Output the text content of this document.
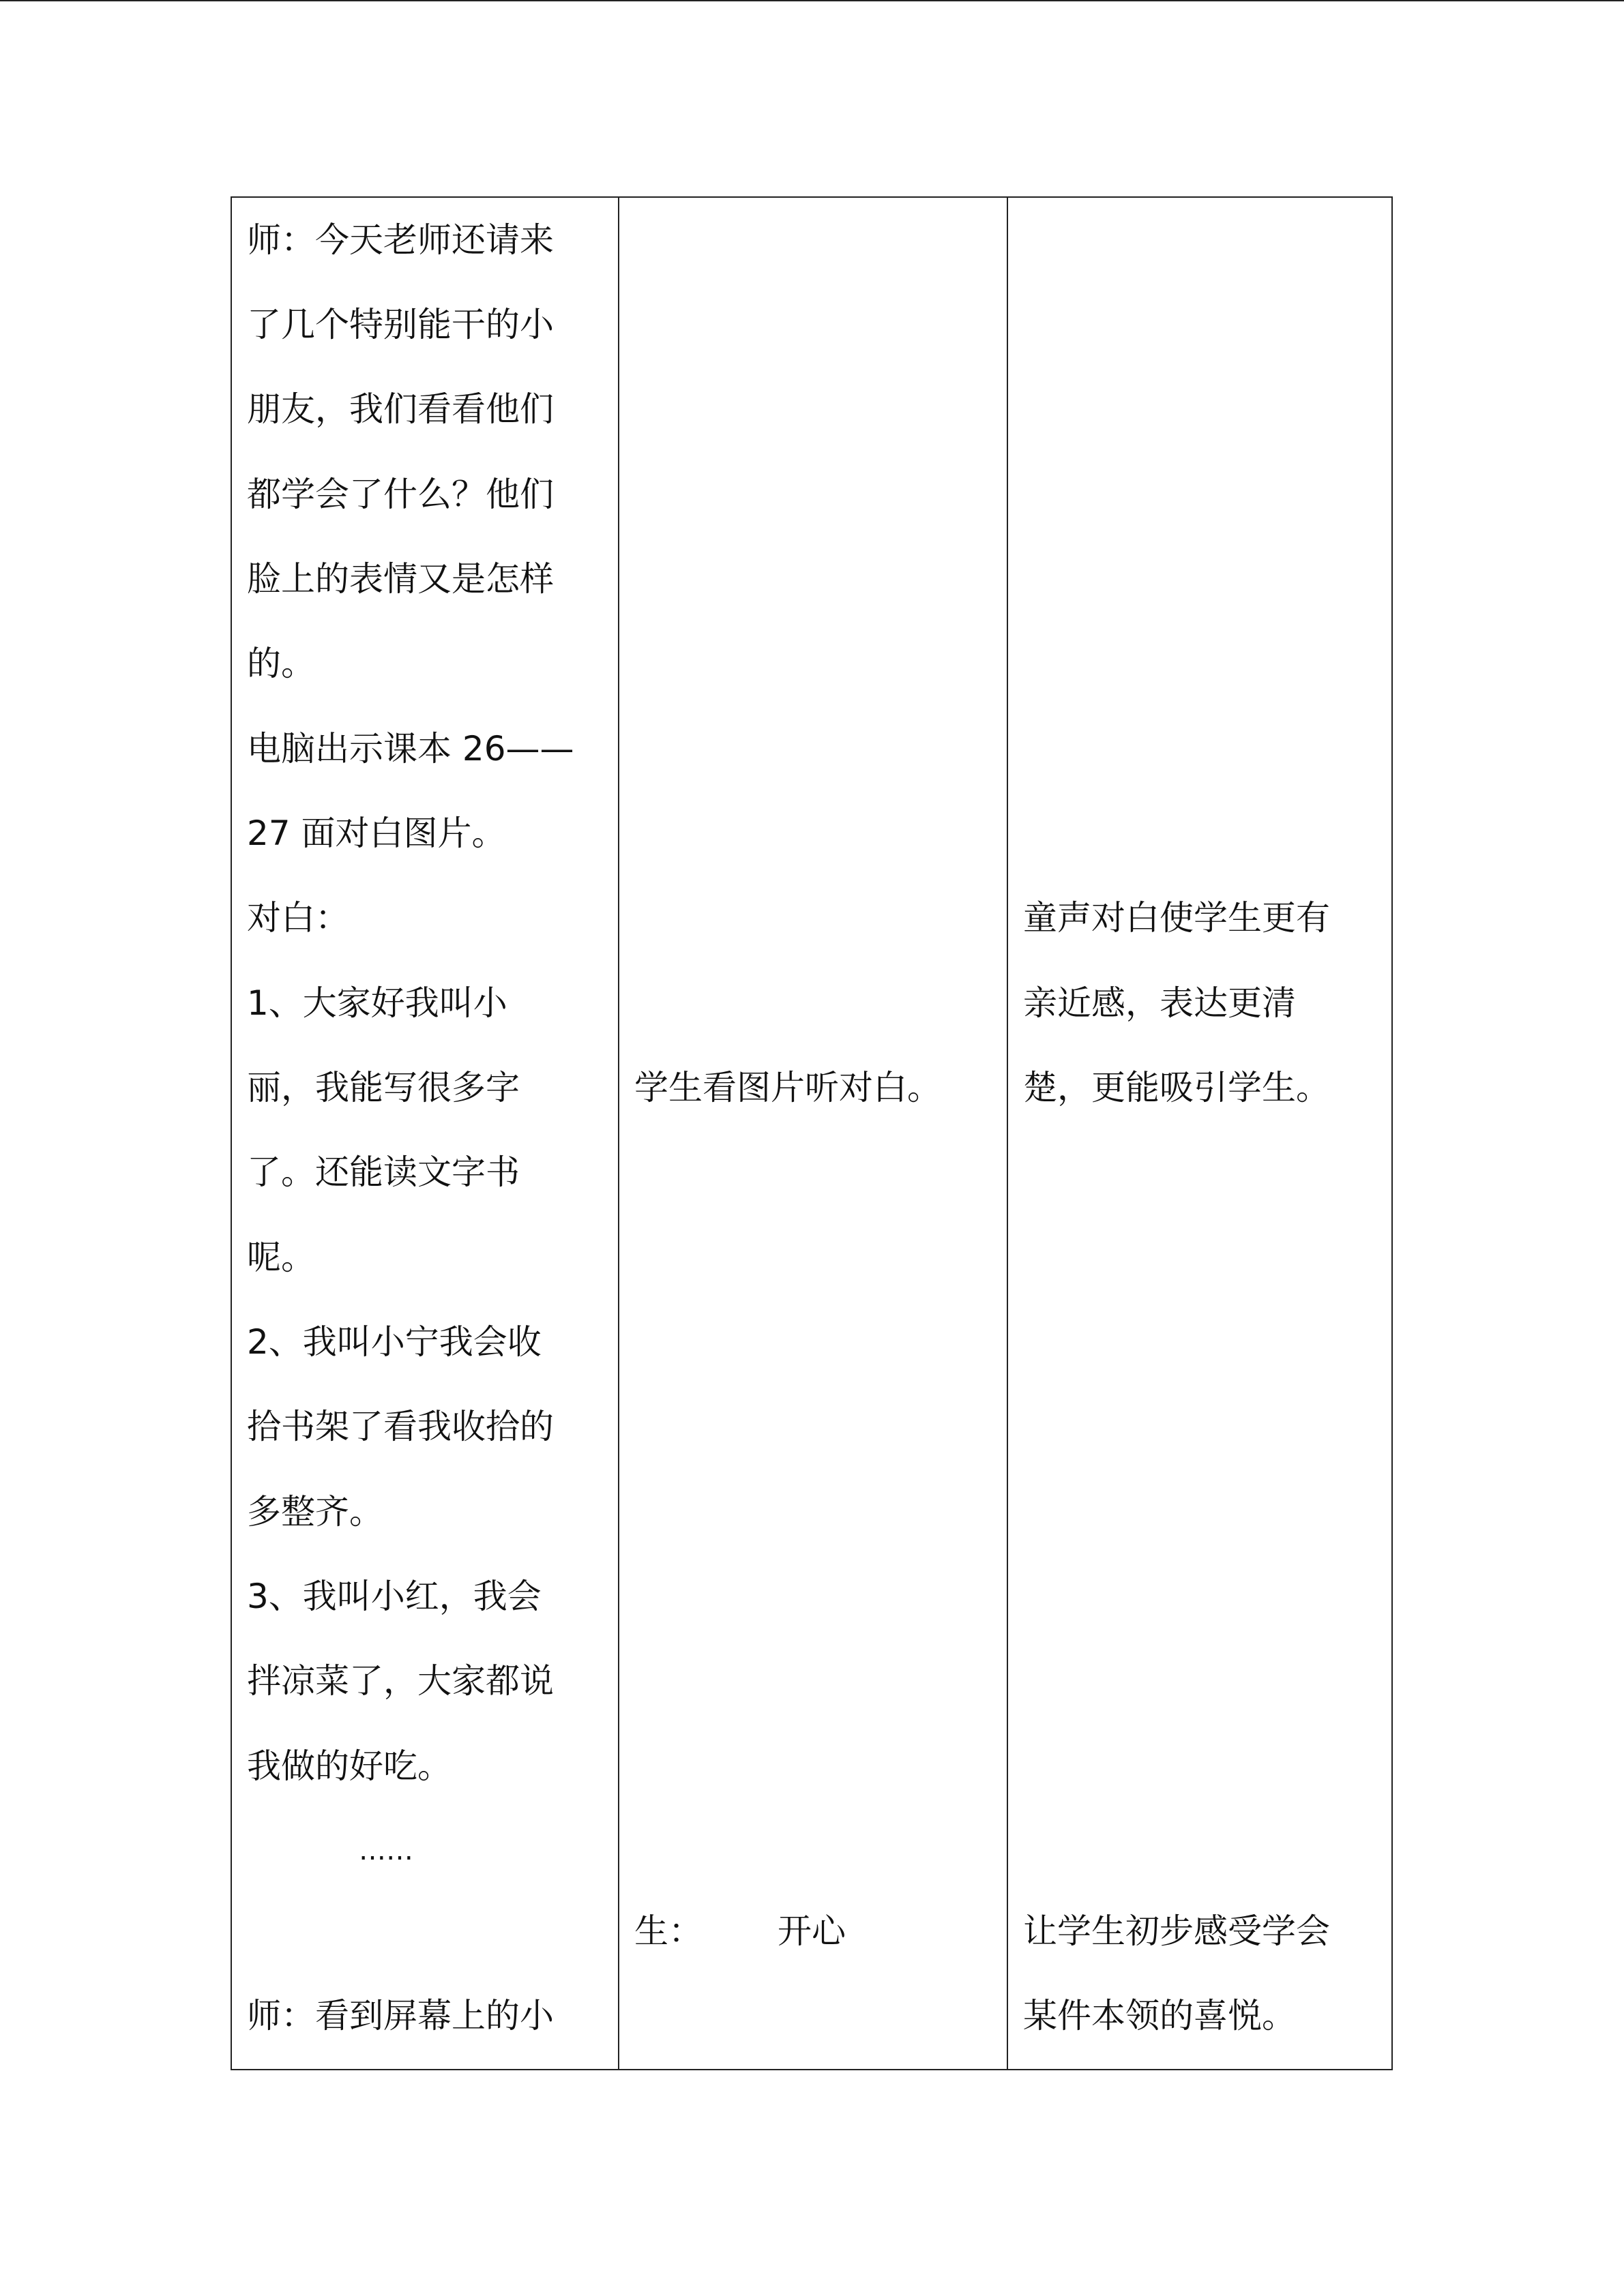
师：今天老师还请来
了几个特别能干的小
朋友，我们看看他们
都学会了什么？他们
脸上的表情又是怎样
的。
电脑出示课本 26——
27 面对白图片。
对白：
1、大家好我叫小
丽，我能写很多字
了。还能读文字书
呢。
2、我叫小宁我会收
拾书架了看我收拾的
多整齐。
3、我叫小红，我会
拌凉菜了，大家都说
我做的好吃。
……
师：看到屏幕上的小
学生看图片听对白。
生： 开心
童声对白使学生更有
亲近感，表达更清
楚，更能吸引学生。
让学生初步感受学会
某件本领的喜悦。
